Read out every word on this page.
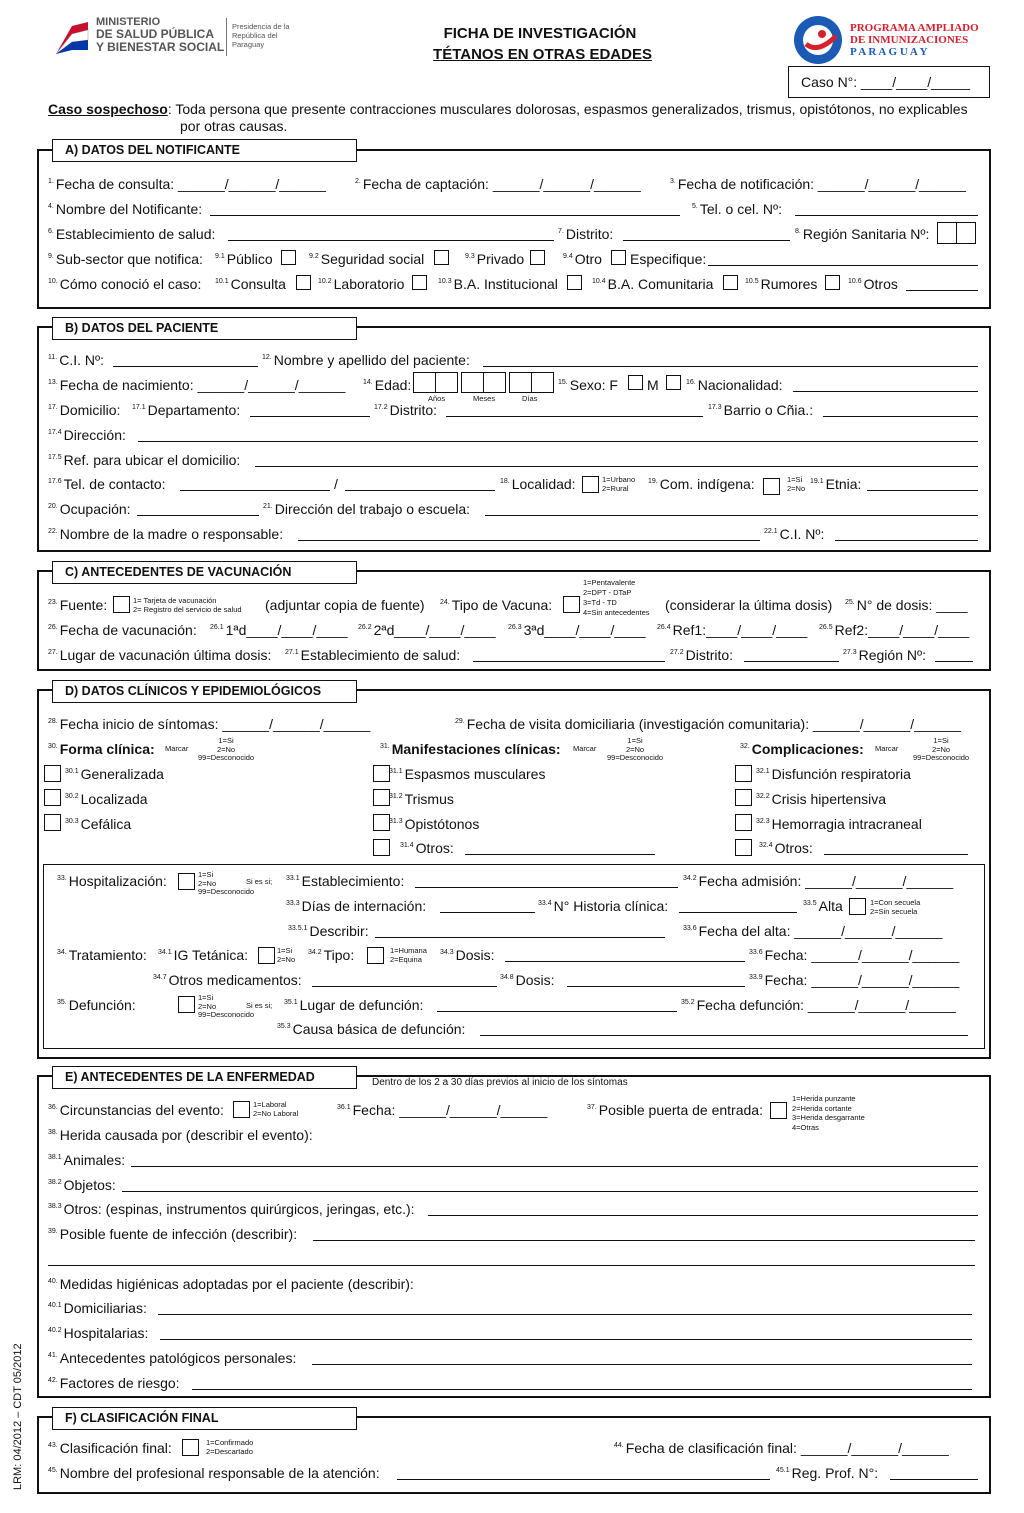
MINISTERIO
DE SALUD PÚBLICA
Y BIENESTAR SOCIAL
Presidencia de la República del Paraguay
FICHA DE INVESTIGACIÓN
TÉTANOS EN OTRAS EDADES
PROGRAMA AMPLIADO
DE INMUNIZACIONES
P A R A G U A Y
Caso N°: ____/____/_____
Caso sospechoso: Toda persona que presente contracciones musculares dolorosas, espasmos generalizados, trismus, opistótonos, no explicables
por otras causas.
A) DATOS DEL NOTIFICANTE
$^{1.}$ Fecha de consulta: ______/______/______	$^{2.}$ Fecha de captación: ______/______/______	$^{3.}$ Fecha de notificación: ______/______/______
$^{4.}$ Nombre del Notificante:	$^{5.}$ Tel. o cel. Nº:
$^{6.}$ Establecimiento de salud:	$^{7.}$ Distrito:	$^{8.}$ Región Sanitaria Nº:
$^{9.}$ Sub-sector que notifica: $^{9.1}$ Público	$^{9.2}$ Seguridad social	$^{9.3}$ Privado	$^{9.4}$ Otro Especifique:
$^{10.}$ Cómo conoció el caso: $^{10.1}$ Consulta	$^{10.2}$ Laboratorio	$^{10.3}$ B.A. Institucional	$^{10.4}$ B.A. Comunitaria	$^{10.5}$ Rumores	$^{10.6}$ Otros
B) DATOS DEL PACIENTE
$^{11.}$ C.I. Nº:	$^{12.}$ Nombre y apellido del paciente:
$^{13.}$ Fecha de nacimiento: ______/______/______	$^{14.}$ Edad:
Años	Meses	Días
$^{15.}$ Sexo: F M	$^{16.}$ Nacionalidad:
$^{17.}$ Domicilio: $^{17.1}$ Departamento:	$^{17.2}$ Distrito:	$^{17.3}$ Barrio o Cñia.:
$^{17.4}$ Dirección:
$^{17.5}$ Ref. para ubicar el domicilio:
$^{17.6}$ Tel. de contacto:	/	$^{18.}$ Localidad:	1=Urbano
2=Rural
$^{19.}$ Com. indígena:	1=Si
2=No
$^{19.1}$ Etnia:
$^{20.}$ Ocupación:	$^{21.}$ Dirección del trabajo o escuela:
$^{22.}$ Nombre de la madre o responsable:	$^{22.1}$ C.I. Nº:
C) ANTECEDENTES DE VACUNACIÓN
$^{23.}$ Fuente:	1= Tarjeta de vacunación
2= Registro del servicio de salud (adjuntar copia de fuente) $^{24.}$ Tipo de Vacuna:
1=Pentavalente
2=DPT - DTaP
3=Td - TD
4=Sin antecedentes (considerar la última dosis) $^{25.}$ N° de dosis: ____
$^{26.}$ Fecha de vacunación: $^{26.1}$ 1ªd____/____/____ $^{26.2}$ 2ªd____/____/____ $^{26.3}$ 3ªd____/____/____ $^{26.4}$ Ref1:____/____/____ $^{26.5}$ Ref2:____/____/____
$^{27.}$ Lugar de vacunación última dosis: $^{27.1}$ Establecimiento de salud:	$^{27.2}$ Distrito:	$^{27.3}$ Región Nº:
D) DATOS CLÍNICOS Y EPIDEMIOLÓGICOS
$^{28.}$ Fecha inicio de síntomas: ______/______/______	$^{29.}$ Fecha de visita domiciliaria (investigación comunitaria): ______/______/______
$^{30.}$ Forma clínica: Marcar
1=Si
2=No
99=Desconocido
$^{31.}$ Manifestaciones clínicas: Marcar
1=Si
2=No
99=Desconocido
$^{32.}$ Complicaciones: Marcar
1=Si
2=No
99=Desconocido
$^{30.1}$ Generalizada
$^{30.2}$ Localizada
$^{30.3}$ Cefálica
$^{31.1}$ Espasmos musculares
$^{31.2}$ Trismus
$^{31.3}$ Opistótonos
$^{31.4}$ Otros:
$^{32.1}$ Disfunción respiratoria
$^{32.2}$ Crisis hipertensiva
$^{32.3}$ Hemorragia intracraneal
$^{32.4}$ Otros:
$^{33.}$ Hospitalización:	1=Si
2=No
99=Desconocido
Si es si; $^{33.1}$ Establecimiento:	$^{34.2}$ Fecha admisión: ______/______/______
$^{33.3}$ Días de internación:	$^{33.4}$ N° Historia clínica:	$^{33.5}$ Alta	1=Con secuela
2=Sin secuela
$^{33.5.1}$ Describir:	$^{33.6}$ Fecha del alta: ______/______/______
$^{34.}$ Tratamiento: $^{34.1}$ IG Tetánica:	1=Si
2=No
$^{34.2}$ Tipo:	1=Humana
2=Equina
$^{34.3}$ Dosis:	$^{33.6}$ Fecha: ______/______/______
$^{34.7}$ Otros medicamentos:	$^{34.8}$ Dosis:	$^{33.9}$ Fecha: ______/______/______
$^{35.}$ Defunción:	1=Si
2=No
99=Desconocido
Si es si; $^{35.1}$ Lugar de defunción:	$^{35.2}$ Fecha defunción: ______/______/______
$^{35.3}$ Causa básica de defunción:
E) ANTECEDENTES DE LA ENFERMEDAD	Dentro de los 2 a 30 días previos al inicio de los síntomas
$^{36.}$ Circunstancias del evento:	1=Laboral
2=No Laboral
$^{36.1}$ Fecha: ______/______/______	$^{37.}$ Posible puerta de entrada:
1=Herida punzante
2=Herida cortante
3=Herida desgarrante
4=Otras
$^{38.}$ Herida causada por (describir el evento):
$^{38.1}$ Animales:
$^{38.2}$ Objetos:
$^{38.3}$ Otros: (espinas, instrumentos quirúrgicos, jeringas, etc.):
$^{39.}$ Posible fuente de infección (describir):
$^{40.}$ Medidas higiénicas adoptadas por el paciente (describir):
$^{40.1}$ Domiciliarias:
$^{40.2}$ Hospitalarias:
$^{41.}$ Antecedentes patológicos personales:
$^{42.}$ Factores de riesgo:
F) CLASIFICACIÓN FINAL
$^{43.}$ Clasificación final:	1=Confirmado
2=Descartado
$^{44.}$ Fecha de clasificación final: ______/______/______
$^{45.}$ Nombre del profesional responsable de la atención:	$^{45.1}$ Reg. Prof. N°:
LRM: 04/2012 – CDT 05/2012
